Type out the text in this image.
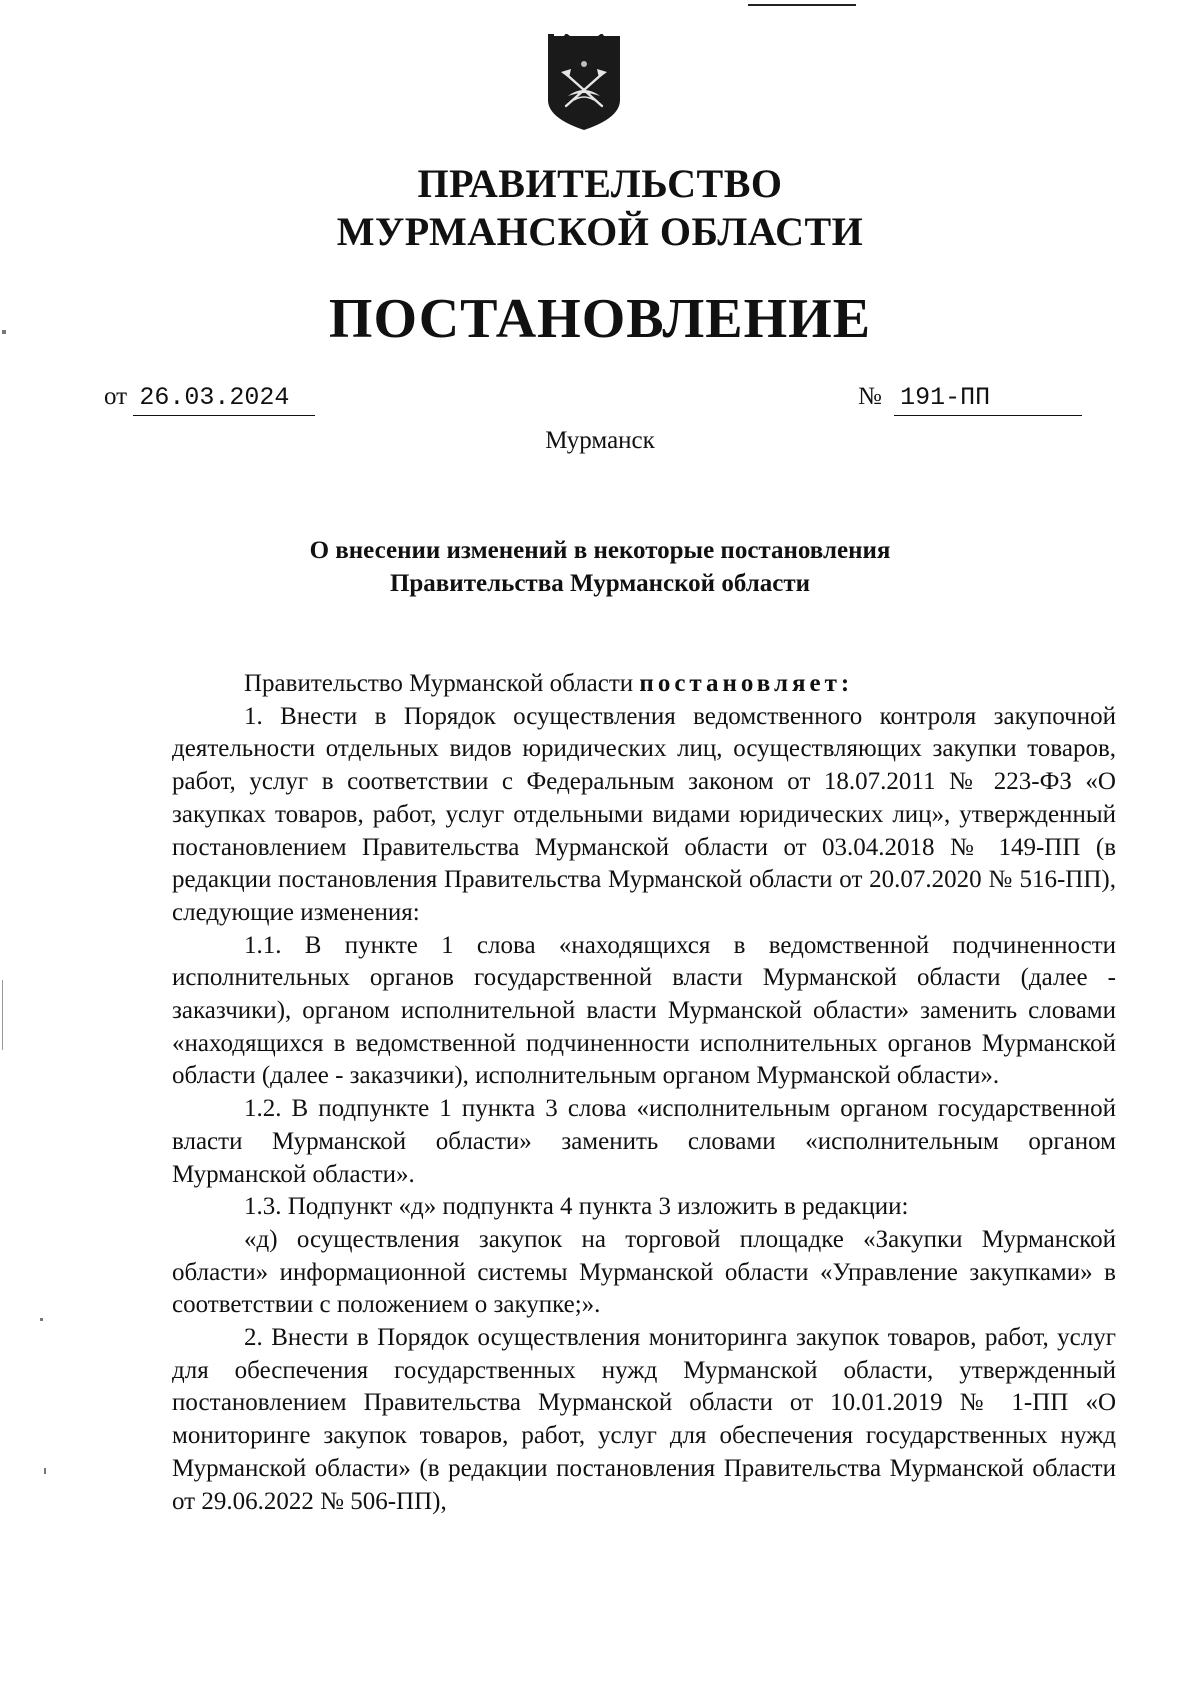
ПРАВИТЕЛЬСТВО
МУРМАНСКОЙ ОБЛАСТИ
ПОСТАНОВЛЕНИЕ
от 26.03.2024	№ 191-ПП
Мурманск
О внесении изменений в некоторые постановления
Правительства Мурманской области

Правительство Мурманской области постановляет:

1. Внести в Порядок осуществления ведомственного контроля закупочной деятельности отдельных видов юридических лиц, осуществляющих закупки товаров, работ, услуг в соответствии с Федеральным законом от 18.07.2011 № 223-ФЗ «О закупках товаров, работ, услуг отдельными видами юридических лиц», утвержденный постановлением Правительства Мурманской области от 03.04.2018 № 149-ПП (в редакции постановления Правительства Мурманской области от 20.07.2020 № 516-ПП), следующие изменения:

1.1. В пункте 1 слова «находящихся в ведомственной подчиненности исполнительных органов государственной власти Мурманской области (далее - заказчики), органом исполнительной власти Мурманской области» заменить словами «находящихся в ведомственной подчиненности исполнительных органов Мурманской области (далее - заказчики), исполнительным органом Мурманской области».

1.2. В подпункте 1 пункта 3 слова «исполнительным органом государственной власти Мурманской области» заменить словами «исполнительным органом Мурманской области».

1.3. Подпункт «д» подпункта 4 пункта 3 изложить в редакции:

«д) осуществления закупок на торговой площадке «Закупки Мурманской области» информационной системы Мурманской области «Управление закупками» в соответствии с положением о закупке;».

2. Внести в Порядок осуществления мониторинга закупок товаров, работ, услуг для обеспечения государственных нужд Мурманской области, утвержденный постановлением Правительства Мурманской области от 10.01.2019 № 1-ПП «О мониторинге закупок товаров, работ, услуг для обеспечения государственных нужд Мурманской области» (в редакции постановления Правительства Мурманской области от 29.06.2022 № 506-ПП),
